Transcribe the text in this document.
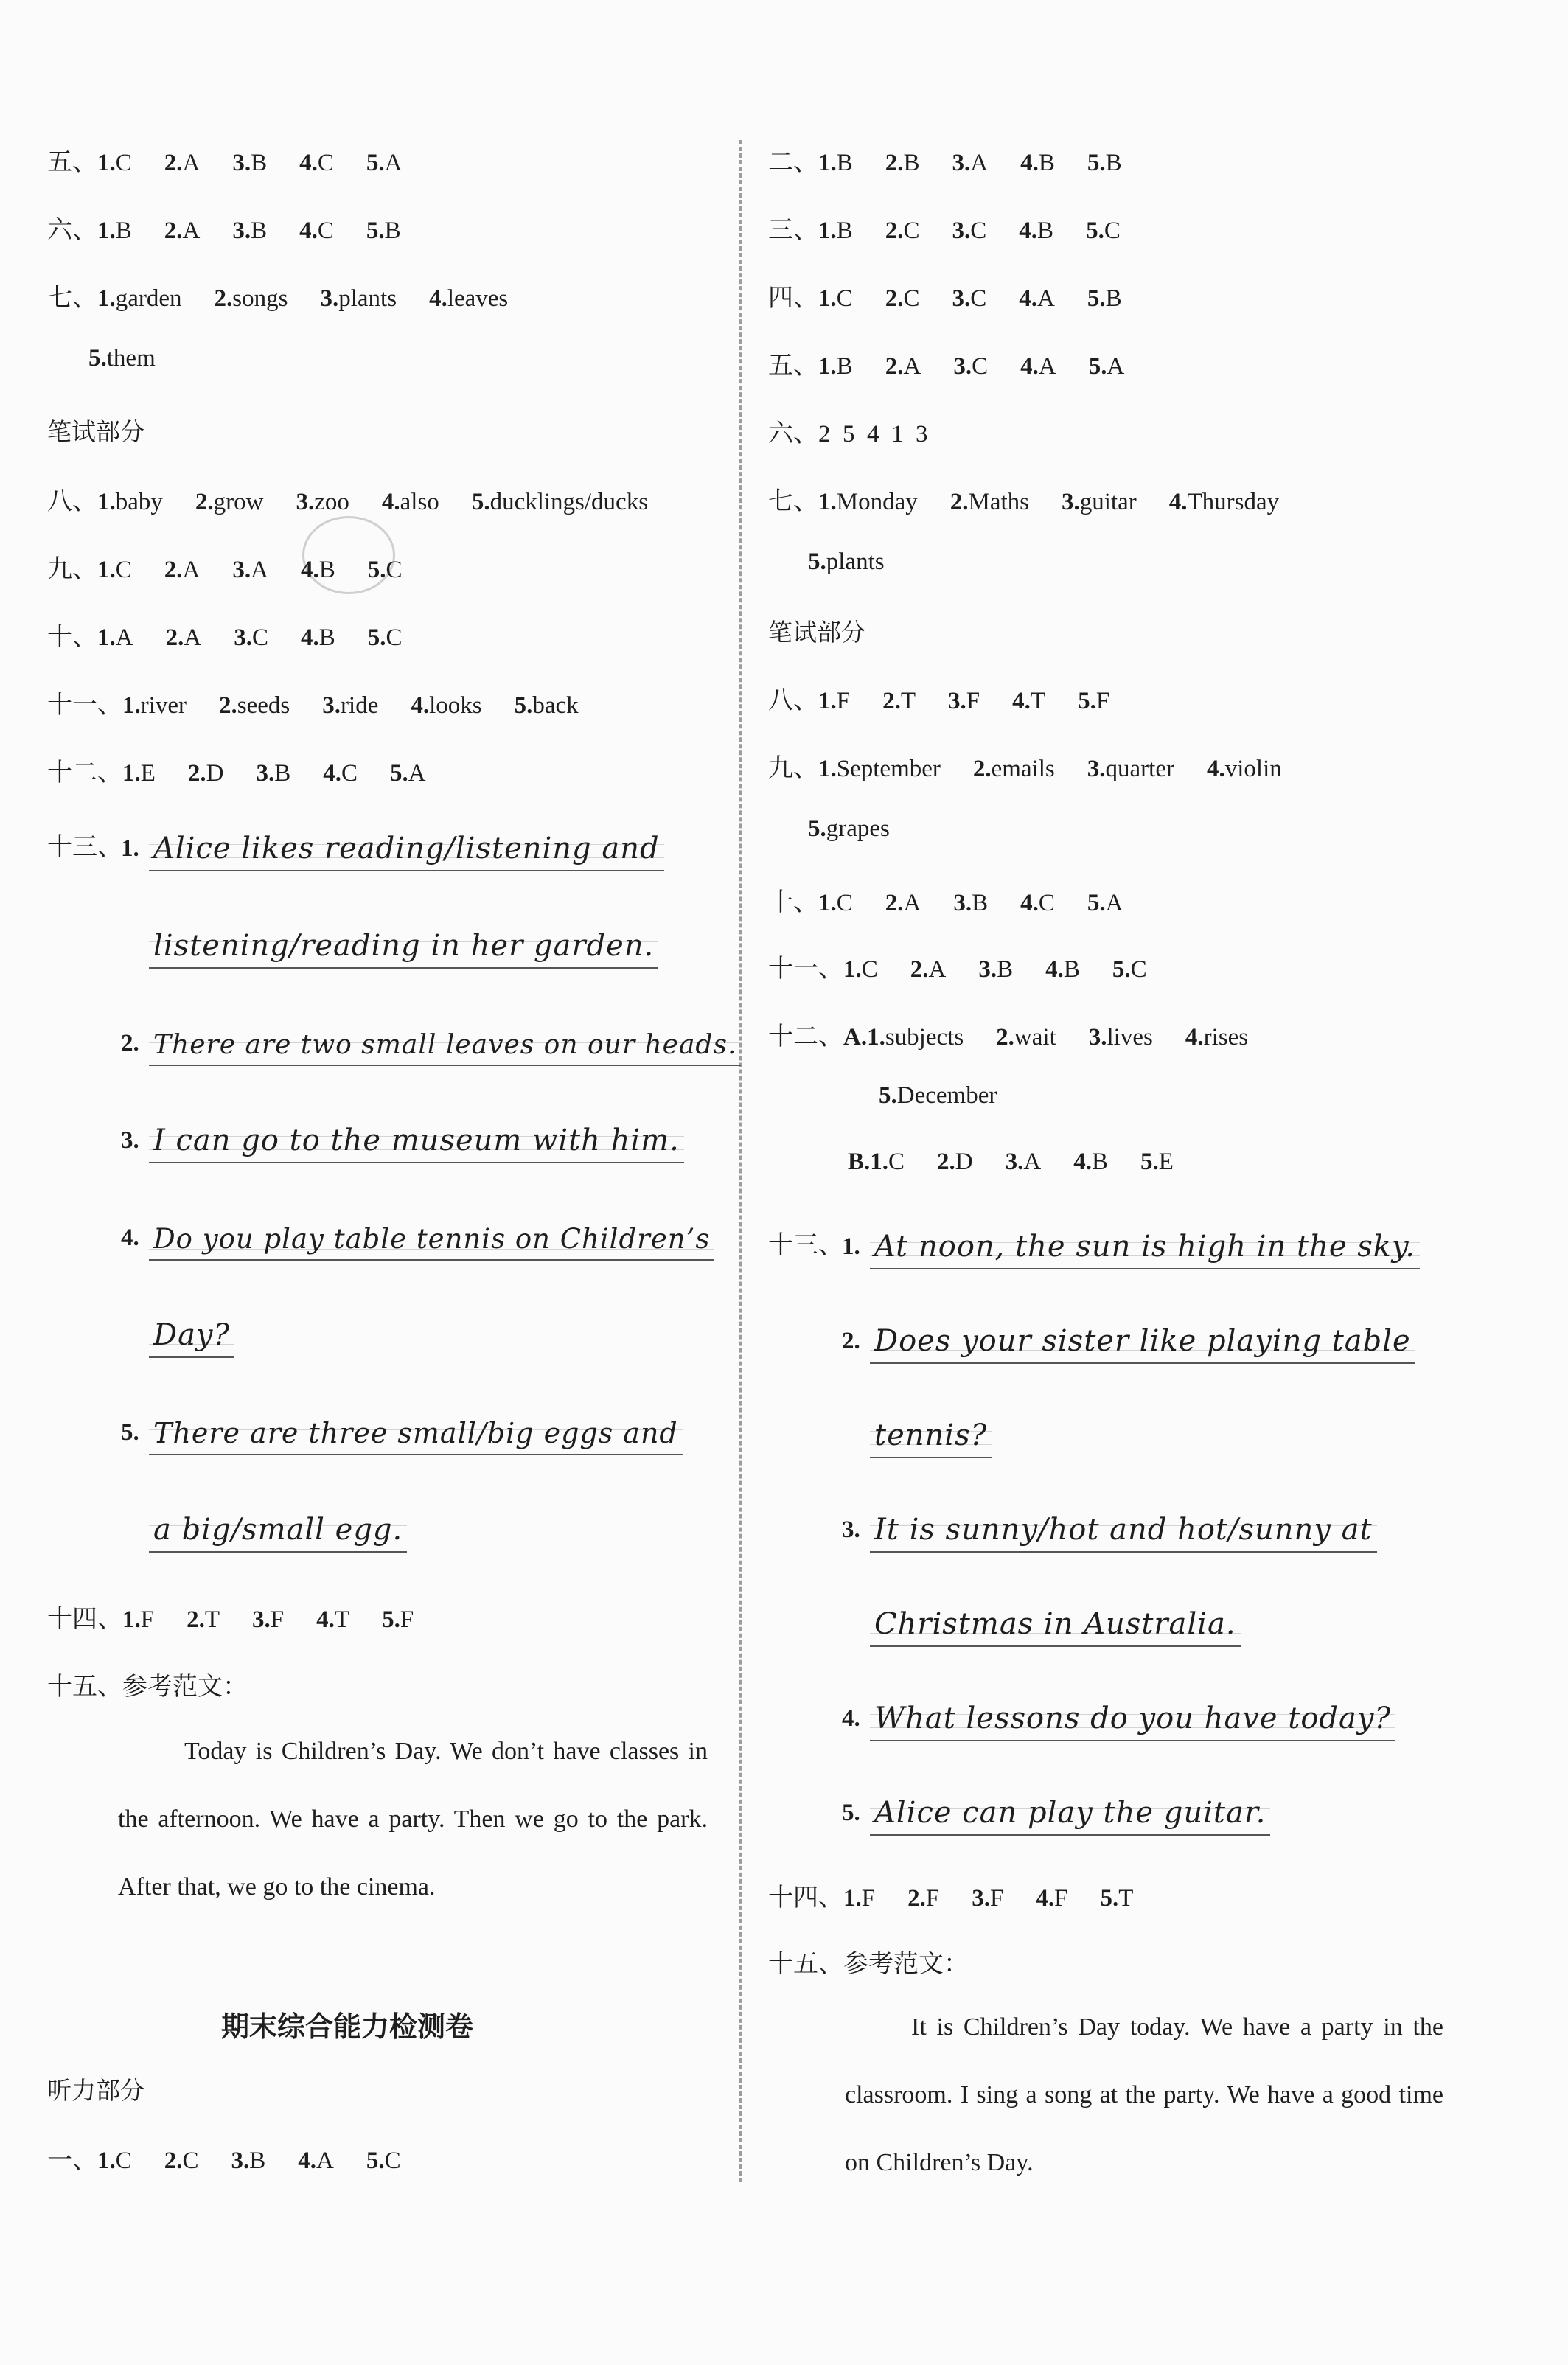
五、1.C 2.A 3.B 4.C 5.A
六、1.B 2.A 3.B 4.C 5.B
七、1.garden 2.songs 3.plants 4.leaves
5.them
笔试部分
八、1.baby 2.grow 3.zoo 4.also 5.ducklings/ducks
九、1.C 2.A 3.A 4.B 5.C
十、1.A 2.A 3.C 4.B 5.C
十一、1.river 2.seeds 3.ride 4.looks 5.back
十二、1.E 2.D 3.B 4.C 5.A
十三、
1. Alice likes reading/listening and
listening/reading in her garden.
2. There are two small leaves on our heads.
3. I can go to the museum with him.
4. Do you play table tennis on Children’s
Day?
5. There are three small/big eggs and
a big/small egg.
十四、1.F 2.T 3.F 4.T 5.F
十五、参考范文：

Today is Children’s Day. We don’t have classes in the afternoon. We have a party. Then we go to the park. After that, we go to the cinema.

期末综合能力检测卷
听力部分
一、1.C 2.C 3.B 4.A 5.C
二、1.B 2.B 3.A 4.B 5.B
三、1.B 2.C 3.C 4.B 5.C
四、1.C 2.C 3.C 4.A 5.B
五、1.B 2.A 3.C 4.A 5.A
六、2  5  4  1  3
七、1.Monday 2.Maths 3.guitar 4.Thursday
5.plants
笔试部分
八、1.F 2.T 3.F 4.T 5.F
九、1.September 2.emails 3.quarter 4.violin
5.grapes
十、1.C 2.A 3.B 4.C 5.A
十一、1.C 2.A 3.B 4.B 5.C
十二、A.1.subjects 2.wait 3.lives 4.rises
5.December
B.1.C 2.D 3.A 4.B 5.E
十三、
1. At noon, the sun is high in the sky.
2. Does your sister like playing table
tennis?
3. It is sunny/hot and hot/sunny at
Christmas in Australia.
4. What lessons do you have today?
5. Alice can play the guitar.
十四、1.F 2.F 3.F 4.F 5.T
十五、参考范文：

It is Children’s Day today. We have a party in the classroom. I sing a song at the party. We have a good time on Children’s Day.
